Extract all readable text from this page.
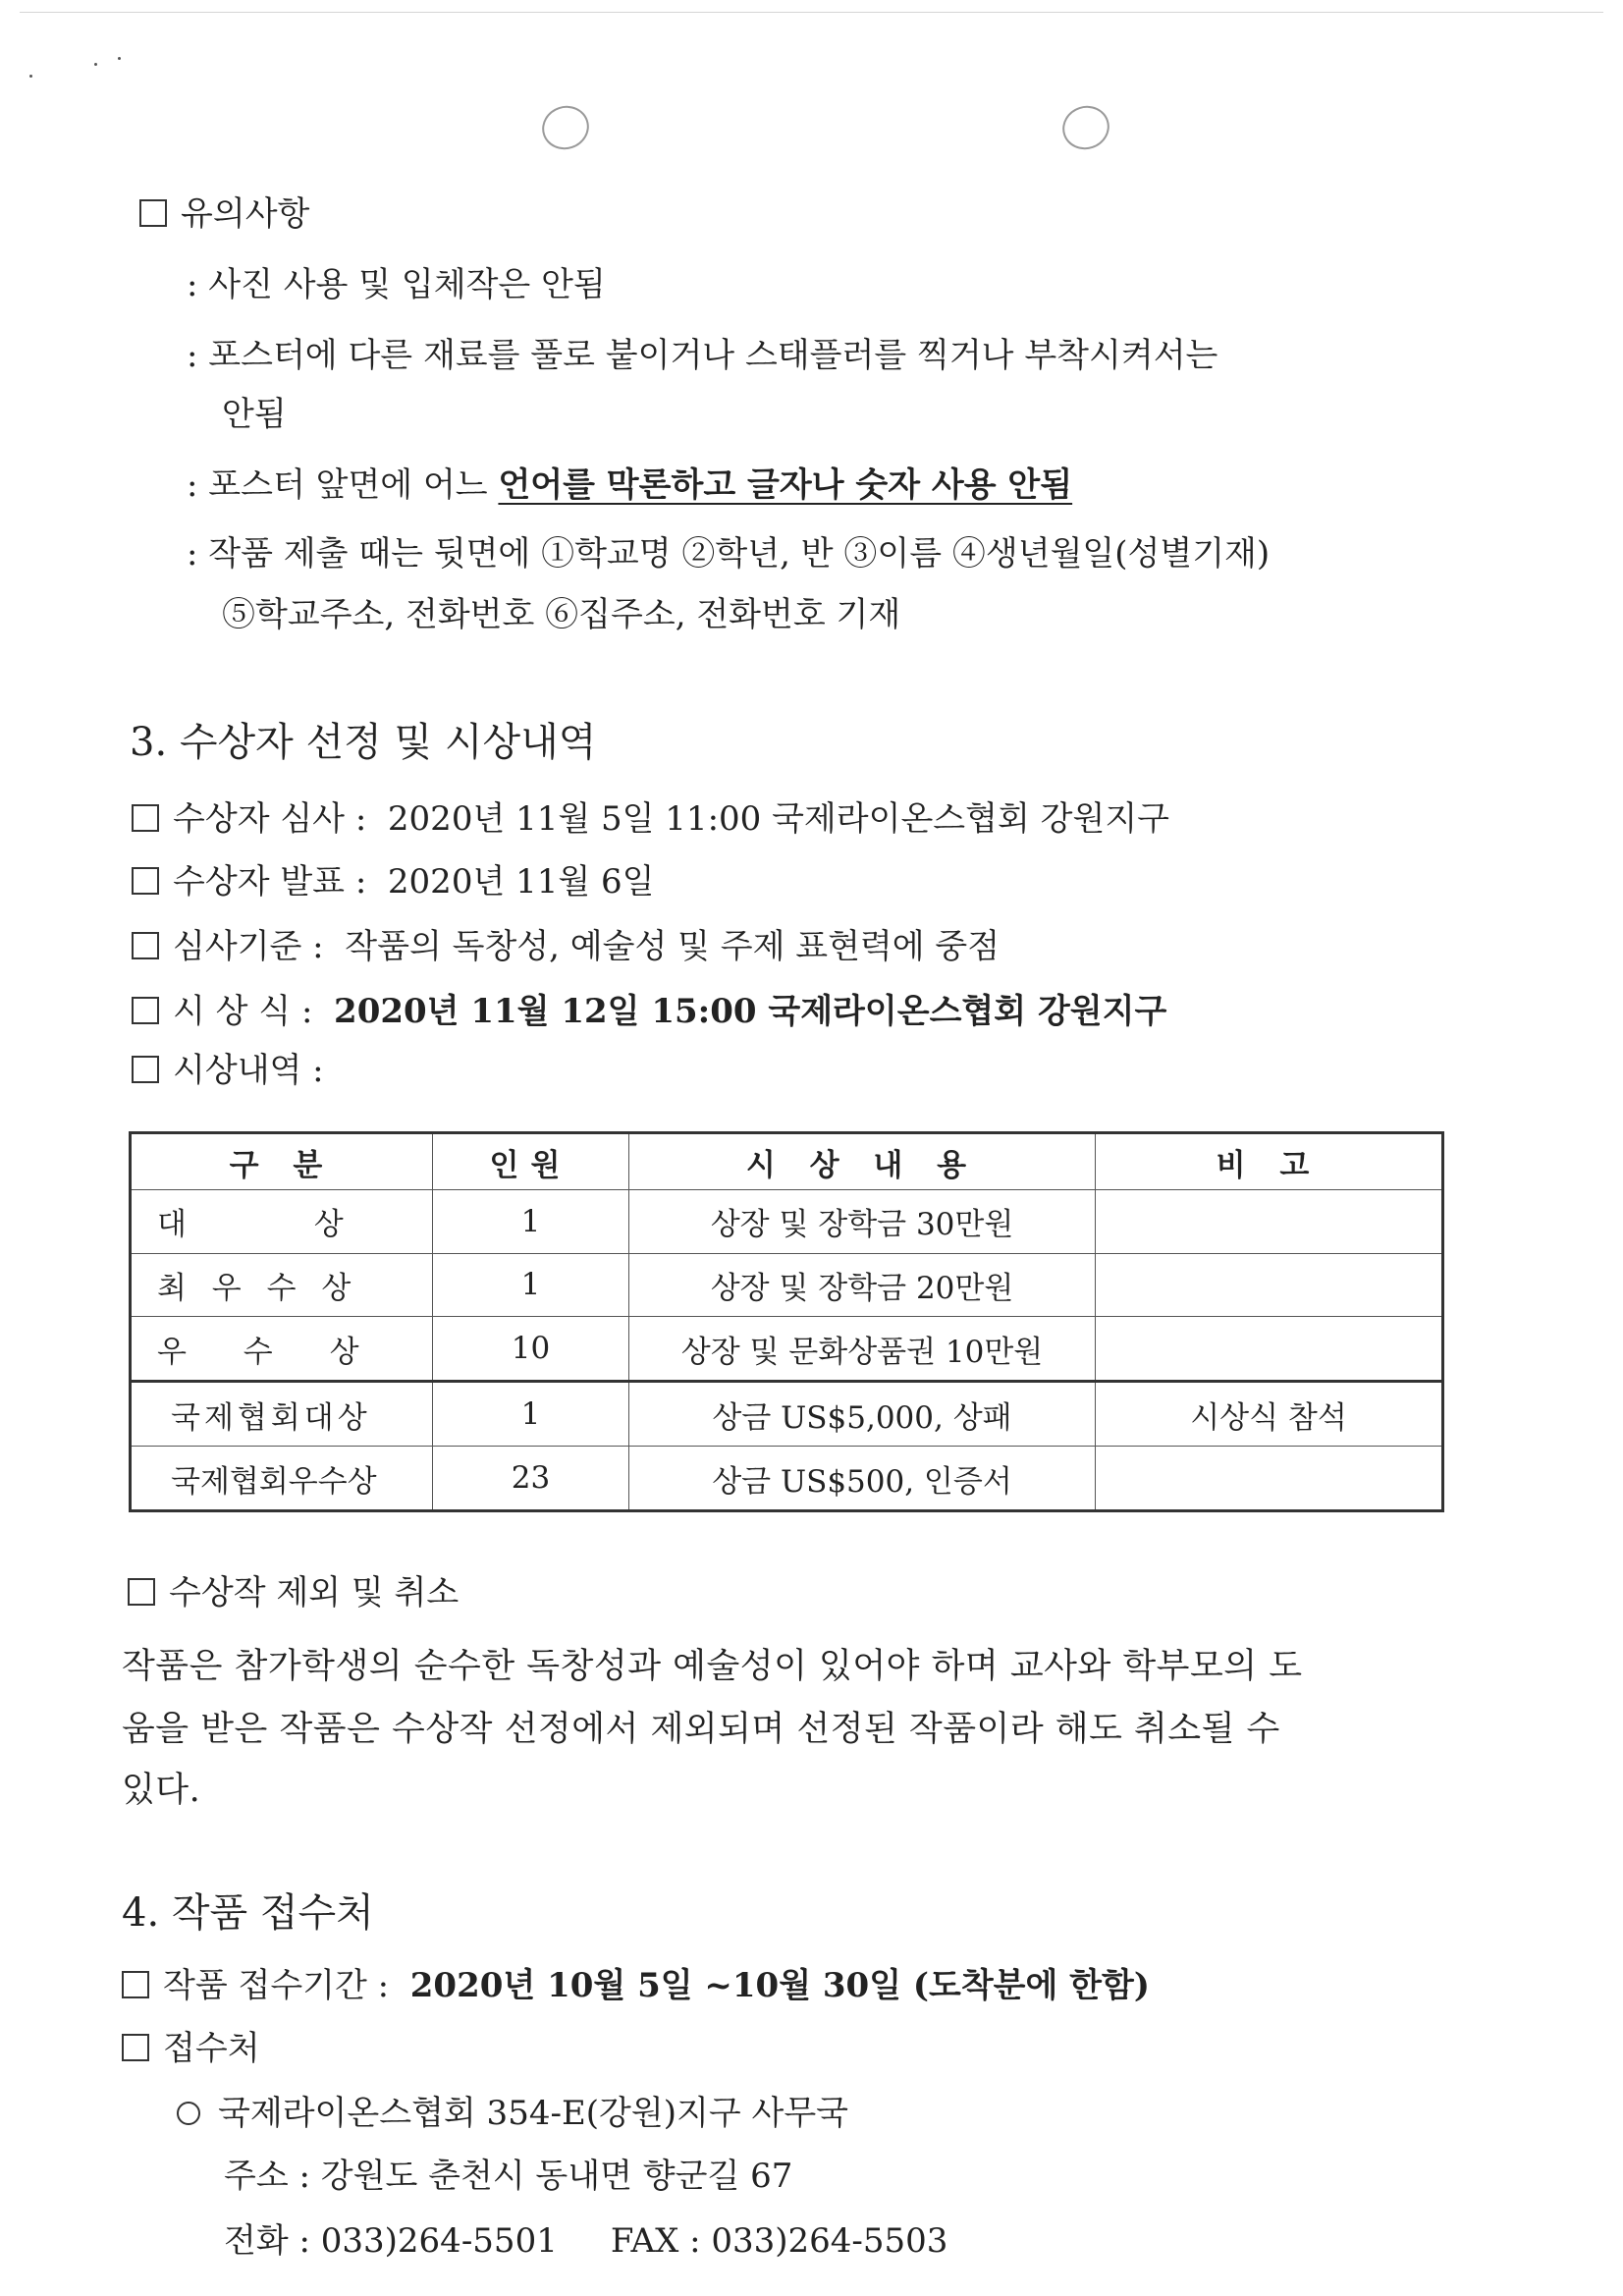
유의사항
: 사진 사용 및 입체작은 안됨
: 포스터에 다른 재료를 풀로 붙이거나 스태플러를 찍거나 부착시켜서는
안됨
: 포스터 앞면에 어느 언어를 막론하고 글자나 숫자 사용 안됨
: 작품 제출 때는 뒷면에 ①학교명 ②학년, 반 ③이름 ④생년월일(성별기재)
⑤학교주소, 전화번호 ⑥집주소, 전화번호 기재
3. 수상자 선정 및 시상내역
수상자 심사 : 2020년 11월 5일 11:00 국제라이온스협회 강원지구
수상자 발표 : 2020년 11월 6일
심사기준 : 작품의 독창성, 예술성 및 주제 표현력에 중점
시 상 식 : 2020년 11월 12일 15:00 국제라이온스협회 강원지구
시상내역 :
구 분	인원	시 상 내 용	비 고
대 상	1	상장 및 장학금 30만원	
최 우 수 상	1	상장 및 장학금 20만원	
우 수 상	10	상장 및 문화상품권 10만원	
국제협회대상	1	상금 US$5,000, 상패	시상식 참석
국제협회우수상	23	상금 US$500, 인증서	
수상작 제외 및 취소
작품은 참가학생의 순수한 독창성과 예술성이 있어야 하며 교사와 학부모의 도
움을 받은 작품은 수상작 선정에서 제외되며 선정된 작품이라 해도 취소될 수
있다.
4. 작품 접수처
작품 접수기간 : 2020년 10월 5일 ~10월 30일 (도착분에 한함)
접수처
국제라이온스협회 354-E(강원)지구 사무국
주소 : 강원도 춘천시 동내면 향군길 67
전화 : 033)264-5501 FAX : 033)264-5503
